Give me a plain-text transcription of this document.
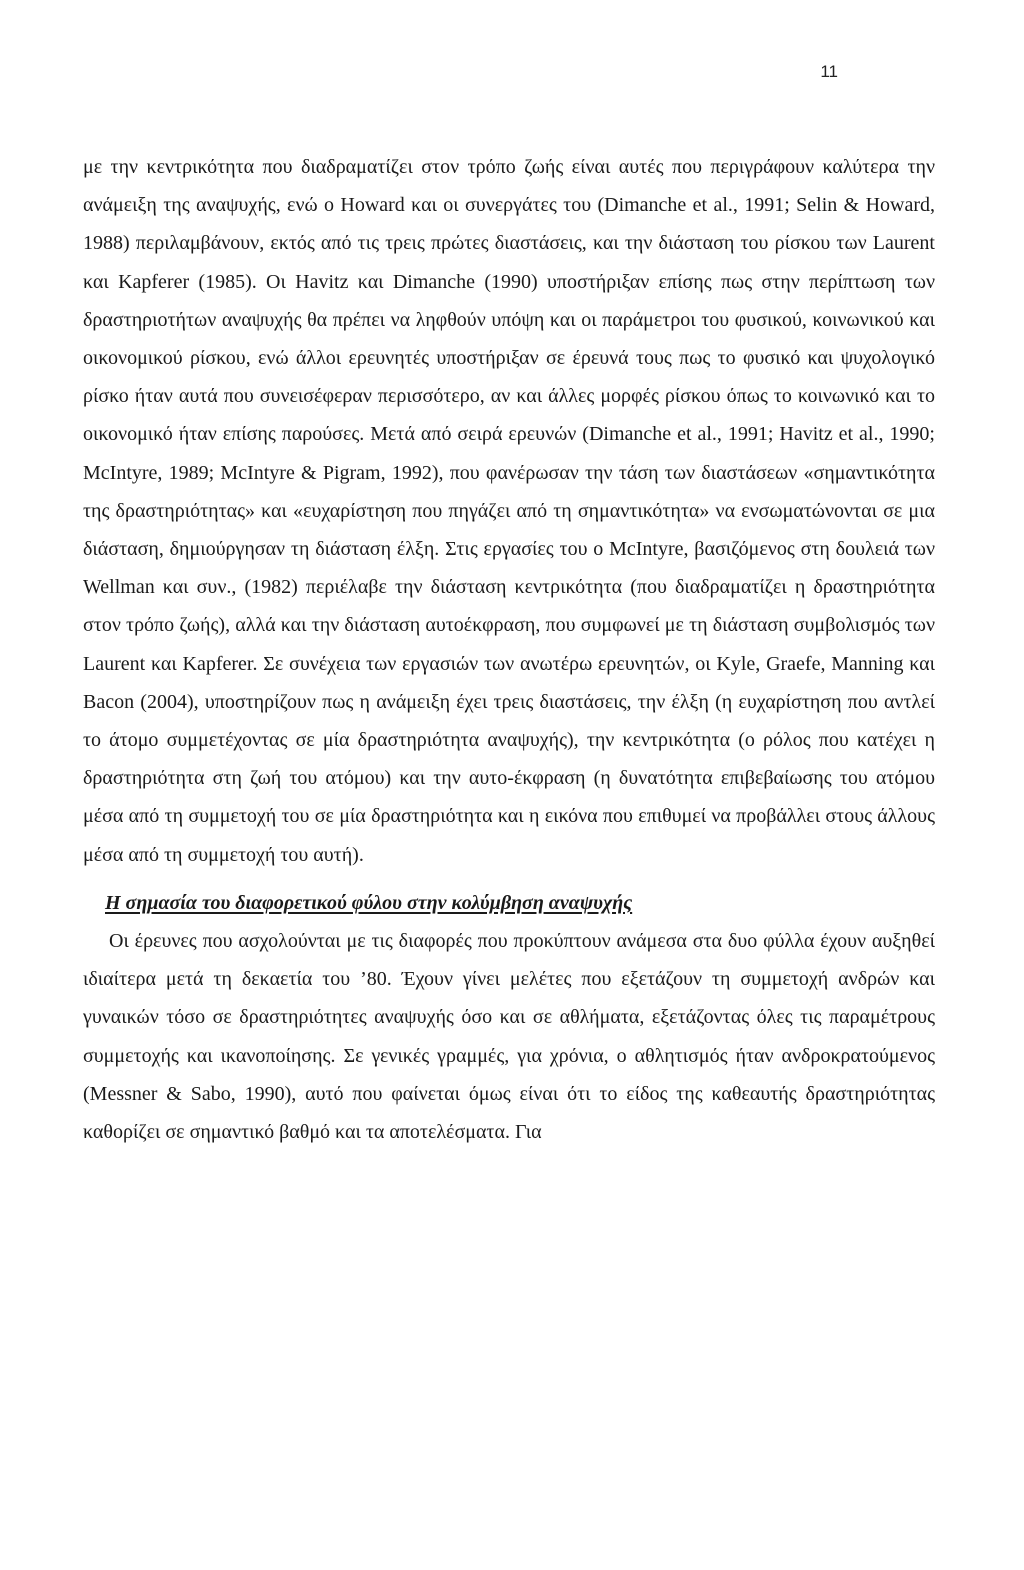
11

με την κεντρικότητα που διαδραματίζει στον τρόπο ζωής είναι αυτές που περιγράφουν καλύτερα την ανάμειξη της αναψυχής, ενώ ο Howard και οι συνεργάτες του (Dimanche et al., 1991; Selin & Howard, 1988) περιλαμβάνουν, εκτός από τις τρεις πρώτες διαστάσεις, και την διάσταση του ρίσκου των Laurent και Kapferer (1985). Οι Havitz και Dimanche (1990) υποστήριξαν επίσης πως στην περίπτωση των δραστηριοτήτων αναψυχής θα πρέπει να ληφθούν υπόψη και οι παράμετροι του φυσικού, κοινωνικού και οικονομικού ρίσκου, ενώ άλλοι ερευνητές υποστήριξαν σε έρευνά τους πως το φυσικό και ψυχολογικό ρίσκο ήταν αυτά που συνεισέφεραν περισσότερο, αν και άλλες μορφές ρίσκου όπως το κοινωνικό και το οικονομικό ήταν επίσης παρούσες. Μετά από σειρά ερευνών (Dimanche et al., 1991; Havitz et al., 1990; McIntyre, 1989; McIntyre & Pigram, 1992), που φανέρωσαν την τάση των διαστάσεων «σημαντικότητα της δραστηριότητας» και «ευχαρίστηση που πηγάζει από τη σημαντικότητα» να ενσωματώνονται σε μια διάσταση, δημιούργησαν τη διάσταση έλξη. Στις εργασίες του ο McIntyre, βασιζόμενος στη δουλειά των Wellman και συν., (1982) περιέλαβε την διάσταση κεντρικότητα (που διαδραματίζει η δραστηριότητα στον τρόπο ζωής), αλλά και την διάσταση αυτοέκφραση, που συμφωνεί με τη διάσταση συμβολισμός των Laurent και Kapferer. Σε συνέχεια των εργασιών των ανωτέρω ερευνητών, οι Kyle, Graefe, Manning και Bacon (2004), υποστηρίζουν πως η ανάμειξη έχει τρεις διαστάσεις, την έλξη (η ευχαρίστηση που αντλεί το άτομο συμμετέχοντας σε μία δραστηριότητα αναψυχής), την κεντρικότητα (ο ρόλος που κατέχει η δραστηριότητα στη ζωή του ατόμου) και την αυτο-έκφραση (η δυνατότητα επιβεβαίωσης του ατόμου μέσα από τη συμμετοχή του σε μία δραστηριότητα και η εικόνα που επιθυμεί να προβάλλει στους άλλους μέσα από τη συμμετοχή του αυτή).

Η σημασία του διαφορετικού φύλου στην κολύμβηση αναψυχής

Οι έρευνες που ασχολούνται με τις διαφορές που προκύπτουν ανάμεσα στα δυο φύλλα έχουν αυξηθεί ιδιαίτερα μετά τη δεκαετία του ’80. Έχουν γίνει μελέτες που εξετάζουν τη συμμετοχή ανδρών και γυναικών τόσο σε δραστηριότητες αναψυχής όσο και σε αθλήματα, εξετάζοντας όλες τις παραμέτρους συμμετοχής και ικανοποίησης. Σε γενικές γραμμές, για χρόνια, ο αθλητισμός ήταν ανδροκρατούμενος (Messner & Sabo, 1990), αυτό που φαίνεται όμως είναι ότι το είδος της καθεαυτής δραστηριότητας καθορίζει σε σημαντικό βαθμό και τα αποτελέσματα. Για
